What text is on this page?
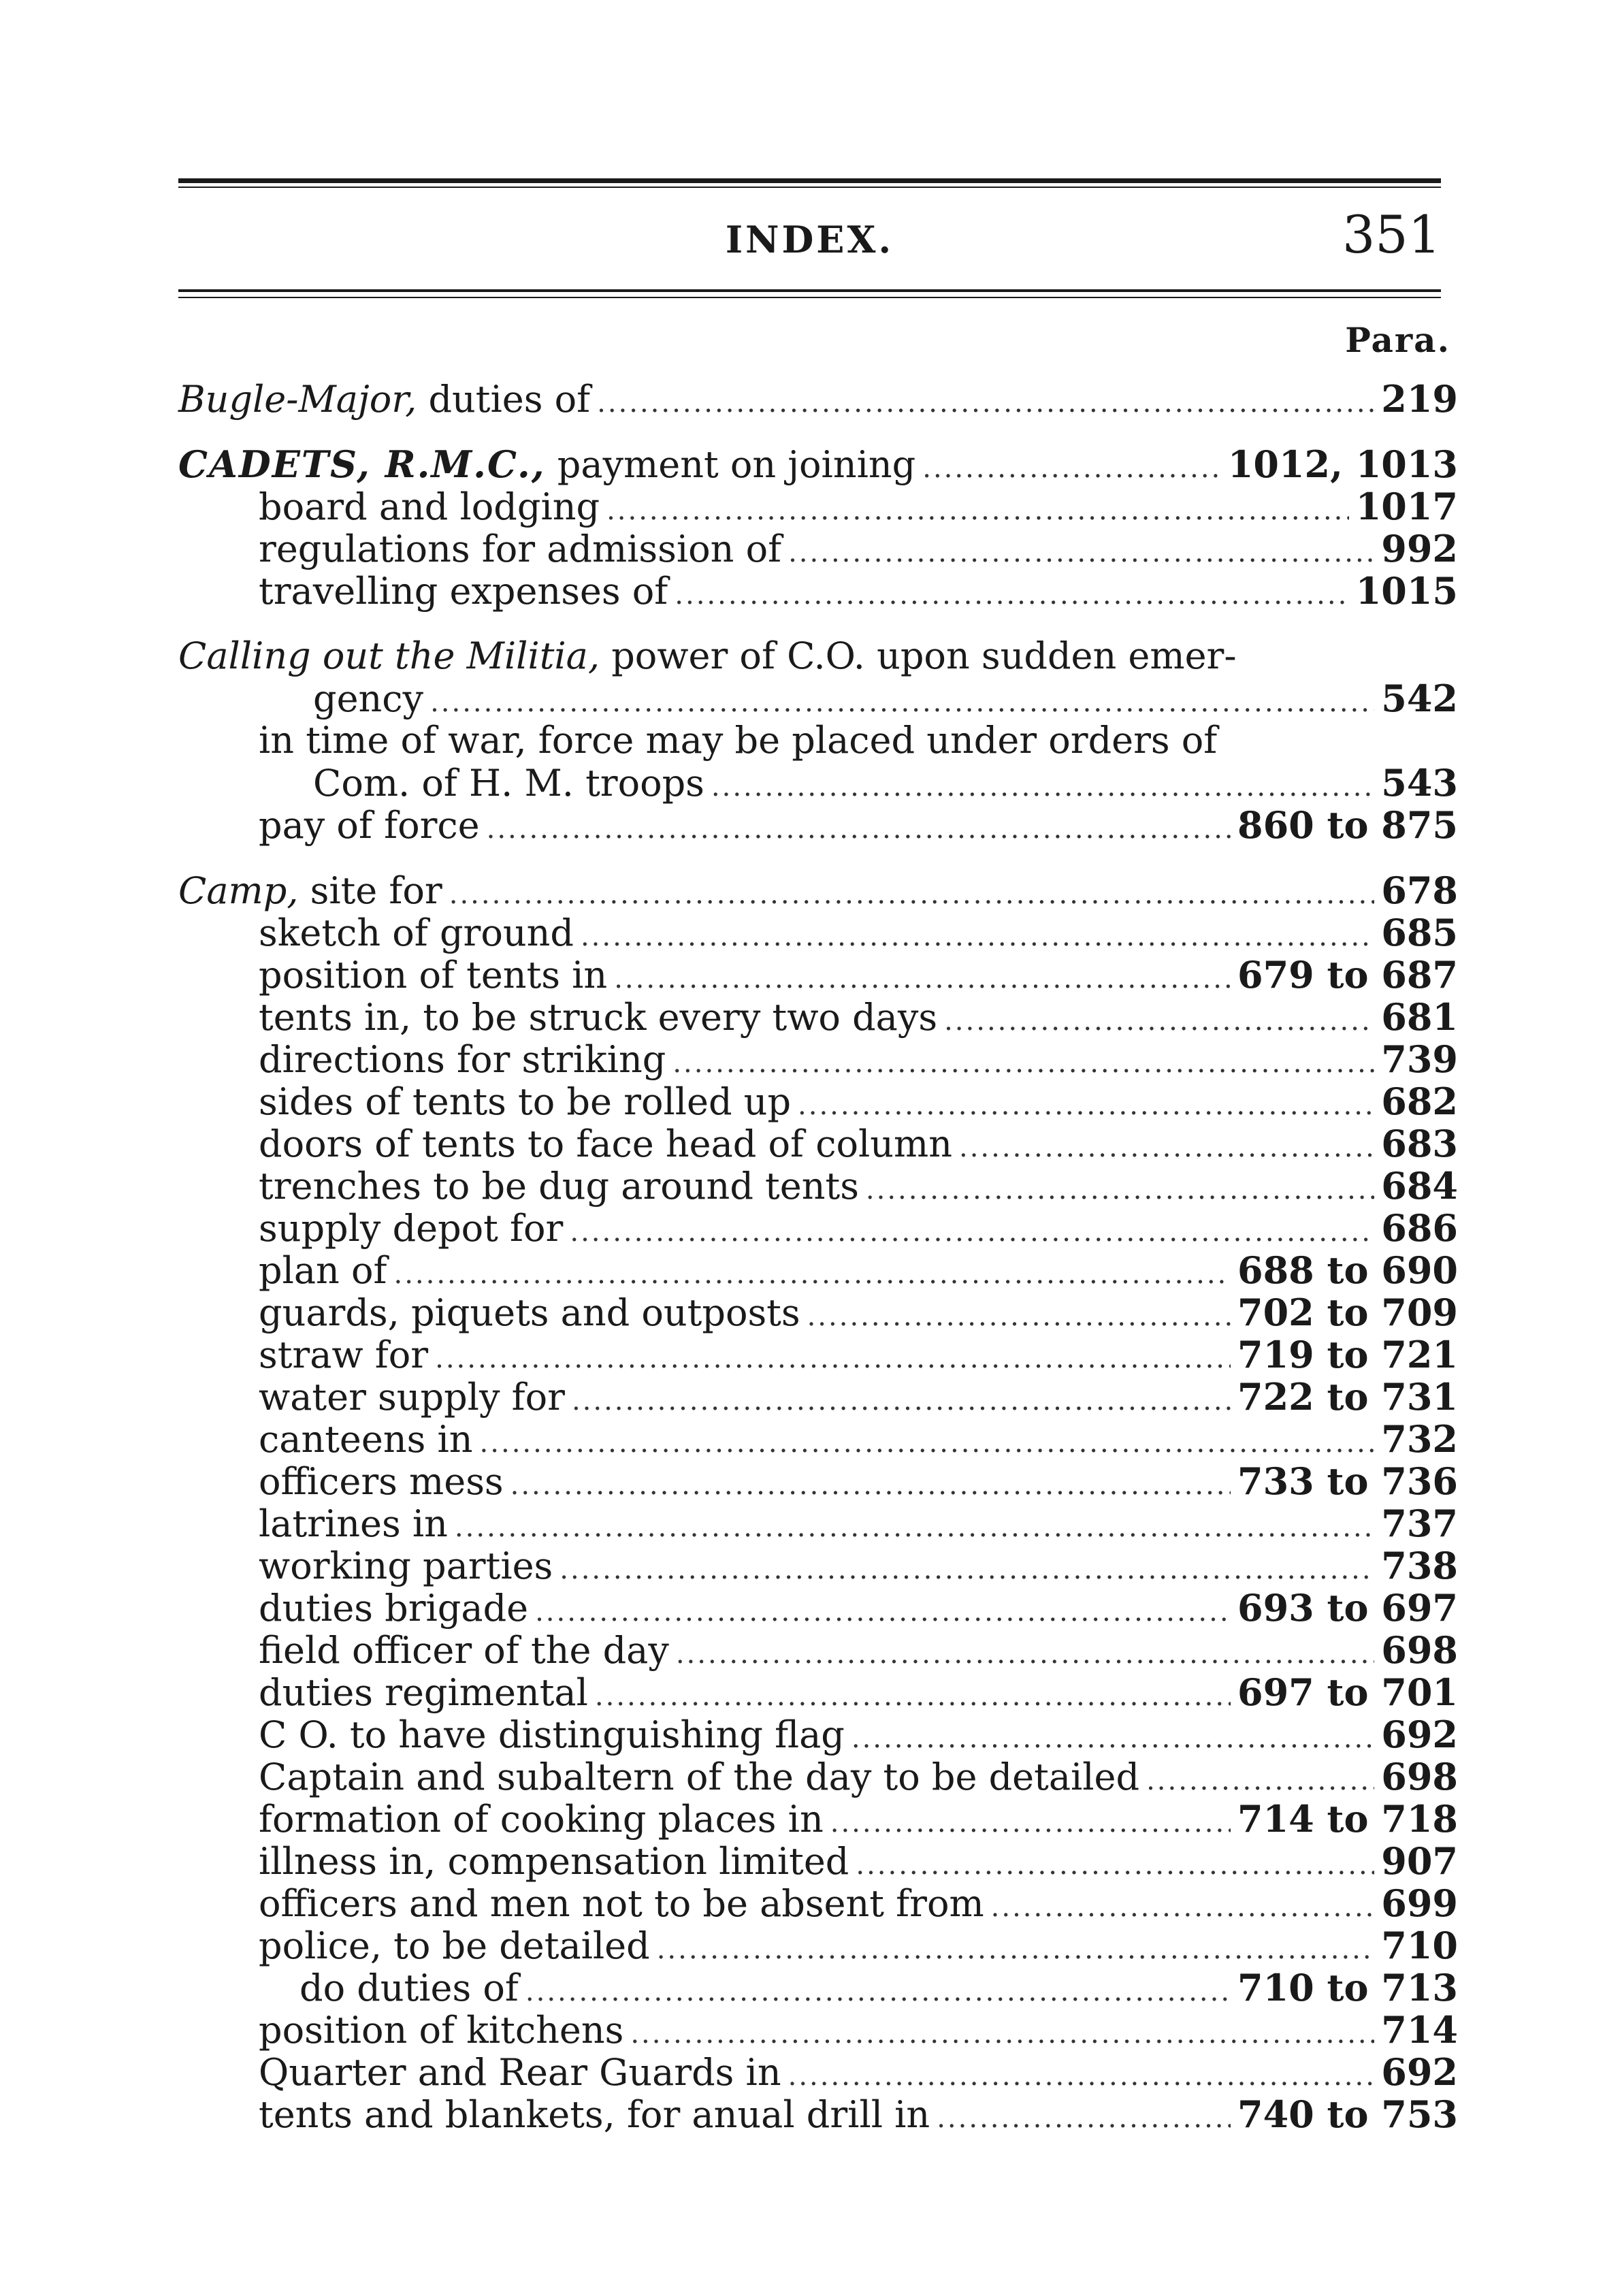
INDEX.	351
Para.
Bugle-Major, duties of .....	219
CADETS, R.M.C., payment on joining .....	1012, 1013
board and lodging .....	1017
regulations for admission of .....	992
travelling expenses of .....	1015
Calling out the Militia, power of C.O. upon sudden emer-
gency .....	542
in time of war, force may be placed under orders of
Com. of H. M. troops .....	543
pay of force .....	860 to 875
Camp, site for .....	678
sketch of ground .....	685
position of tents in .....	679 to 687
tents in, to be struck every two days .....	681
directions for striking .....	739
sides of tents to be rolled up .....	682
doors of tents to face head of column .....	683
trenches to be dug around tents .....	684
supply depot for .....	686
plan of .....	688 to 690
guards, piquets and outposts .....	702 to 709
straw for .....	719 to 721
water supply for .....	722 to 731
canteens in .....	732
officers mess .....	733 to 736
latrines in .....	737
working parties .....	738
duties brigade .....	693 to 697
field officer of the day .....	698
duties regimental .....	697 to 701
C O. to have distinguishing flag .....	692
Captain and subaltern of the day to be detailed .....	698
formation of cooking places in .....	714 to 718
illness in, compensation limited .....	907
officers and men not to be absent from .....	699
police, to be detailed .....	710
do duties of .....	710 to 713
position of kitchens .....	714
Quarter and Rear Guards in .....	692
tents and blankets, for anual drill in .....	740 to 753
